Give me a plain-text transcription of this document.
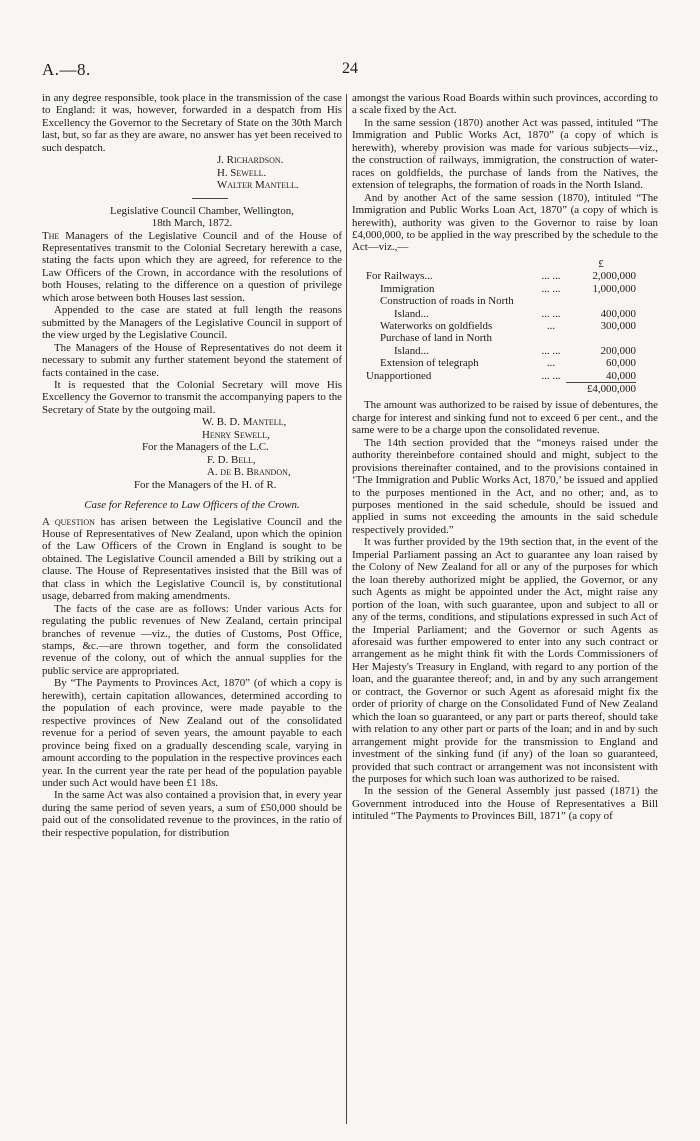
A.—8.	24

in any degree responsible, took place in the transmission of the case to England: it was, however, forwarded in a despatch from His Excellency the Governor to the Secretary of State on the 30th March last, but, so far as they are aware, no answer has yet been received to such despatch.

J. Richardson.
H. Sewell.
Walter Mantell.

Legislative Council Chamber, Wellington,

18th March, 1872.

The Managers of the Legislative Council and of the House of Representatives transmit to the Colonial Secretary herewith a case, stating the facts upon which they are agreed, for reference to the Law Officers of the Crown, in accordance with the resolutions of both Houses, relating to the difference on a question of privilege which arose between both Houses last session.

Appended to the case are stated at full length the reasons submitted by the Managers of the Legislative Council in support of the view urged by the Legislative Council.

The Managers of the House of Representatives do not deem it necessary to submit any further statement beyond the statement of facts contained in the case.

It is requested that the Colonial Secretary will move His Excellency the Governor to transmit the accompanying papers to the Secretary of State by the outgoing mail.

W. B. D. Mantell,
Henry Sewell,
For the Managers of the L.C.
F. D. Bell,
A. de B. Brandon,
For the Managers of the H. of R.

Case for Reference to Law Officers of the Crown.

A question has arisen between the Legislative Council and the House of Representatives of New Zealand, upon which the opinion of the Law Officers of the Crown in England is sought to be obtained. The Legislative Council amended a Bill by striking out a clause. The House of Representatives insisted that the Bill was of that class in which the Legislative Council is, by constitutional usage, debarred from making amendments.

The facts of the case are as follows: Under various Acts for regulating the public revenues of New Zealand, certain principal branches of revenue —viz., the duties of Customs, Post Office, stamps, &c.—are thrown together, and form the consolidated revenue of the colony, out of which the annual supplies for the public service are appropriated.

By “The Payments to Provinces Act, 1870” (of which a copy is herewith), certain capitation allowances, determined according to the population of each province, were made payable to the respective provinces of New Zealand out of the consolidated revenue for a period of seven years, the amount payable to each province being fixed on a gradually descending scale, varying in amount according to the population in the respective provinces each year. In the current year the rate per head of the population payable under such Act would have been £1 18s.

In the same Act was also contained a provision that, in every year during the same period of seven years, a sum of £50,000 should be paid out of the consolidated revenue to the provinces, in the ratio of their respective population, for distribution

amongst the various Road Boards within such provinces, according to a scale fixed by the Act.

In the same session (1870) another Act was passed, intituled “The Immigration and Public Works Act, 1870” (a copy of which is herewith), whereby provision was made for various subjects—viz., the construction of railways, immigration, the construction of water-races on goldfields, the purchase of lands from the Natives, the extension of telegraphs, the formation of roads in the North Island.

And by another Act of the same session (1870), intituled “The Immigration and Public Works Loan Act, 1870” (a copy of which is herewith), authority was given to the Governor to raise by loan £4,000,000, to be applied in the way prescribed by the schedule to the Act—viz.,—

		£
For Railways...	... ...	2,000,000
Immigration	... ...	1,000,000
Construction of roads in North		
Island...	... ...	400,000
Waterworks on goldfields	...	300,000
Purchase of land in North		
Island...	... ...	200,000
Extension of telegraph	...	60,000
Unapportioned	... ...	40,000
		£4,000,000

The amount was authorized to be raised by issue of debentures, the charge for interest and sinking fund not to exceed 6 per cent., and the same were to be a charge upon the consolidated revenue.

The 14th section provided that the “moneys raised under the authority thereinbefore contained should and might, subject to the provisions thereinafter contained, and to the provisions contained in ‘The Immigration and Public Works Act, 1870,’ be issued and applied to the purposes mentioned in the Act, and no other; and, as to purposes mentioned in the said schedule, should be issued and applied in sums not exceeding the amounts in the said schedule respectively provided.”

It was further provided by the 19th section that, in the event of the Imperial Parliament passing an Act to guarantee any loan raised by the Colony of New Zealand for all or any of the purposes for which the loan thereby authorized might be applied, the Governor, or any such Agents as might be appointed under the Act, might raise any portion of the loan, with such guarantee, upon and subject to all or any of the terms, conditions, and stipulations expressed in such Act of the Imperial Parliament; and the Governor or such Agents as aforesaid was further empowered to enter into any such contract or arrangement as he might think fit with the Lords Commissioners of Her Majesty's Treasury in England, with regard to any portion of the loan, and the guarantee thereof; and, in and by any such arrangement or contract, the Governor or such Agent as aforesaid might fix the order of priority of charge on the Consolidated Fund of New Zealand which the loan so guaranteed, or any part or parts thereof, should take with relation to any other part or parts of the loan; and in and by such arrangement might provide for the transmission to England and investment of the sinking fund (if any) of the loan so guaranteed, provided that such contract or arrangement was not inconsistent with the purposes for which such loan was authorized to be raised.

In the session of the General Assembly just passed (1871) the Government introduced into the House of Representatives a Bill intituled “The Payments to Provinces Bill, 1871” (a copy of
